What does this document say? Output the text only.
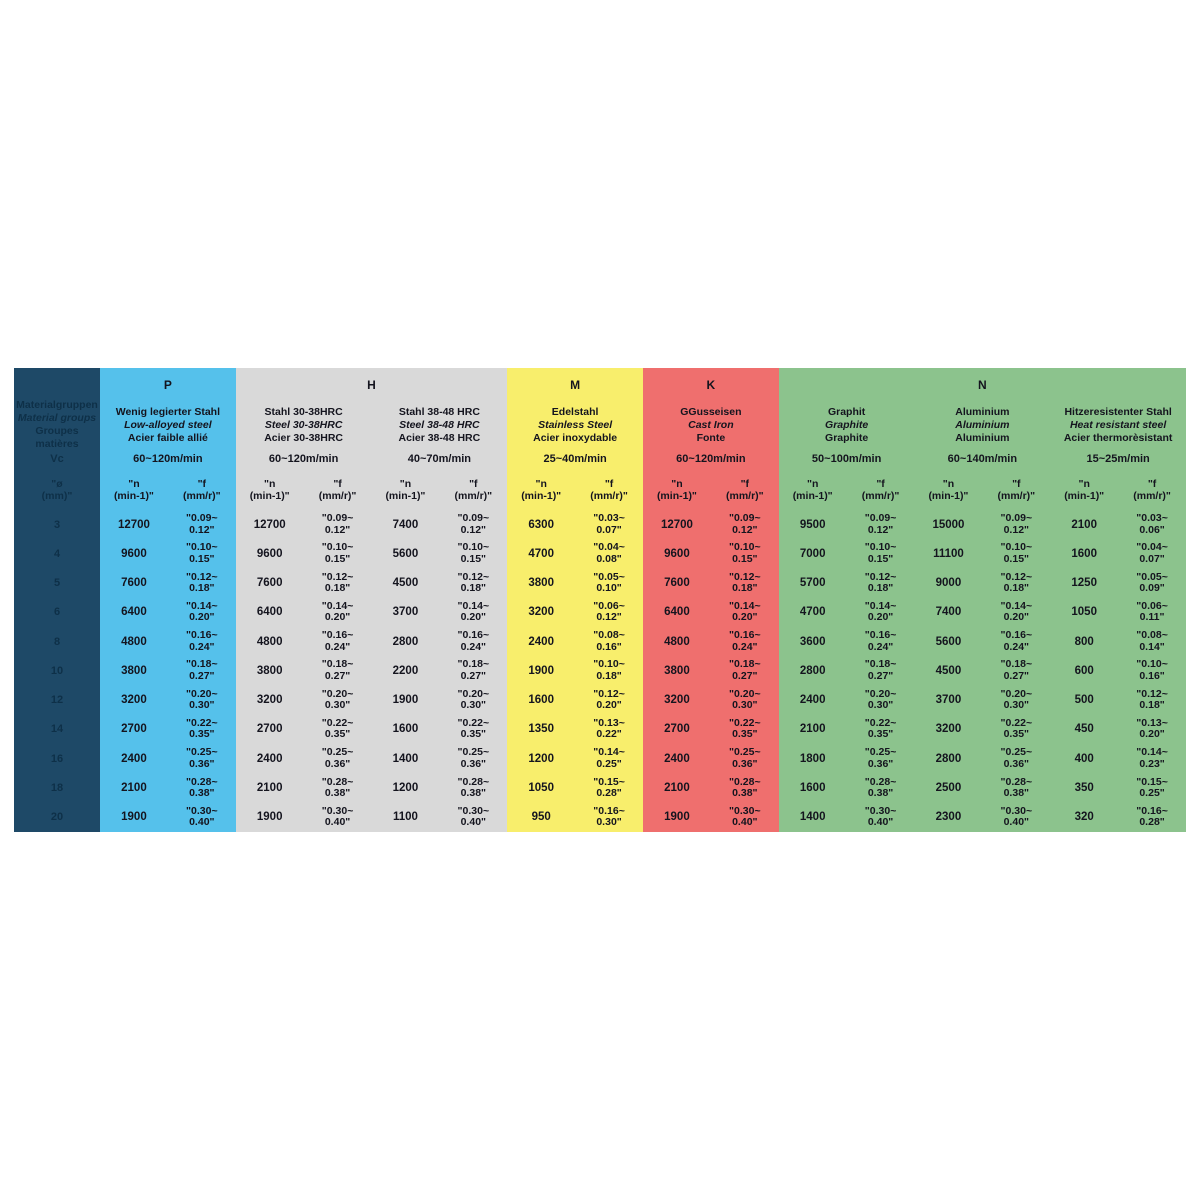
Materialgruppen
Material groups
Groupes matières
Vc
"ø
(mm)"
3
4
5
6
8
10
12
14
16
18
20
P
Wenig legierter Stahl
Low-alloyed steel
Acier faible allié
60~120m/min
"n
(min-1)"
"f
(mm/r)"
12700
"0.09~
0.12"
9600
"0.10~
0.15"
7600
"0.12~
0.18"
6400
"0.14~
0.20"
4800
"0.16~
0.24"
3800
"0.18~
0.27"
3200
"0.20~
0.30"
2700
"0.22~
0.35"
2400
"0.25~
0.36"
2100
"0.28~
0.38"
1900
"0.30~
0.40"
H
Stahl 30-38HRC
Steel 30-38HRC
Acier 30-38HRC
60~120m/min
"n
(min-1)"
"f
(mm/r)"
12700
"0.09~
0.12"
9600
"0.10~
0.15"
7600
"0.12~
0.18"
6400
"0.14~
0.20"
4800
"0.16~
0.24"
3800
"0.18~
0.27"
3200
"0.20~
0.30"
2700
"0.22~
0.35"
2400
"0.25~
0.36"
2100
"0.28~
0.38"
1900
"0.30~
0.40"
Stahl 38-48 HRC
Steel 38-48 HRC
Acier 38-48 HRC
40~70m/min
"n
(min-1)"
"f
(mm/r)"
7400
"0.09~
0.12"
5600
"0.10~
0.15"
4500
"0.12~
0.18"
3700
"0.14~
0.20"
2800
"0.16~
0.24"
2200
"0.18~
0.27"
1900
"0.20~
0.30"
1600
"0.22~
0.35"
1400
"0.25~
0.36"
1200
"0.28~
0.38"
1100
"0.30~
0.40"
M
Edelstahl
Stainless Steel
Acier inoxydable
25~40m/min
"n
(min-1)"
"f
(mm/r)"
6300
"0.03~
0.07"
4700
"0.04~
0.08"
3800
"0.05~
0.10"
3200
"0.06~
0.12"
2400
"0.08~
0.16"
1900
"0.10~
0.18"
1600
"0.12~
0.20"
1350
"0.13~
0.22"
1200
"0.14~
0.25"
1050
"0.15~
0.28"
950
"0.16~
0.30"
K
GGusseisen
Cast Iron
Fonte
60~120m/min
"n
(min-1)"
"f
(mm/r)"
12700
"0.09~
0.12"
9600
"0.10~
0.15"
7600
"0.12~
0.18"
6400
"0.14~
0.20"
4800
"0.16~
0.24"
3800
"0.18~
0.27"
3200
"0.20~
0.30"
2700
"0.22~
0.35"
2400
"0.25~
0.36"
2100
"0.28~
0.38"
1900
"0.30~
0.40"
N
Graphit
Graphite
Graphite
50~100m/min
"n
(min-1)"
"f
(mm/r)"
9500
"0.09~
0.12"
7000
"0.10~
0.15"
5700
"0.12~
0.18"
4700
"0.14~
0.20"
3600
"0.16~
0.24"
2800
"0.18~
0.27"
2400
"0.20~
0.30"
2100
"0.22~
0.35"
1800
"0.25~
0.36"
1600
"0.28~
0.38"
1400
"0.30~
0.40"
Aluminium
Aluminium
Aluminium
60~140m/min
"n
(min-1)"
"f
(mm/r)"
15000
"0.09~
0.12"
11100
"0.10~
0.15"
9000
"0.12~
0.18"
7400
"0.14~
0.20"
5600
"0.16~
0.24"
4500
"0.18~
0.27"
3700
"0.20~
0.30"
3200
"0.22~
0.35"
2800
"0.25~
0.36"
2500
"0.28~
0.38"
2300
"0.30~
0.40"
Hitzeresistenter Stahl
Heat resistant steel
Acier thermorèsistant
15~25m/min
"n
(min-1)"
"f
(mm/r)"
2100
"0.03~
0.06"
1600
"0.04~
0.07"
1250
"0.05~
0.09"
1050
"0.06~
0.11"
800
"0.08~
0.14"
600
"0.10~
0.16"
500
"0.12~
0.18"
450
"0.13~
0.20"
400
"0.14~
0.23"
350
"0.15~
0.25"
320
"0.16~
0.28"
